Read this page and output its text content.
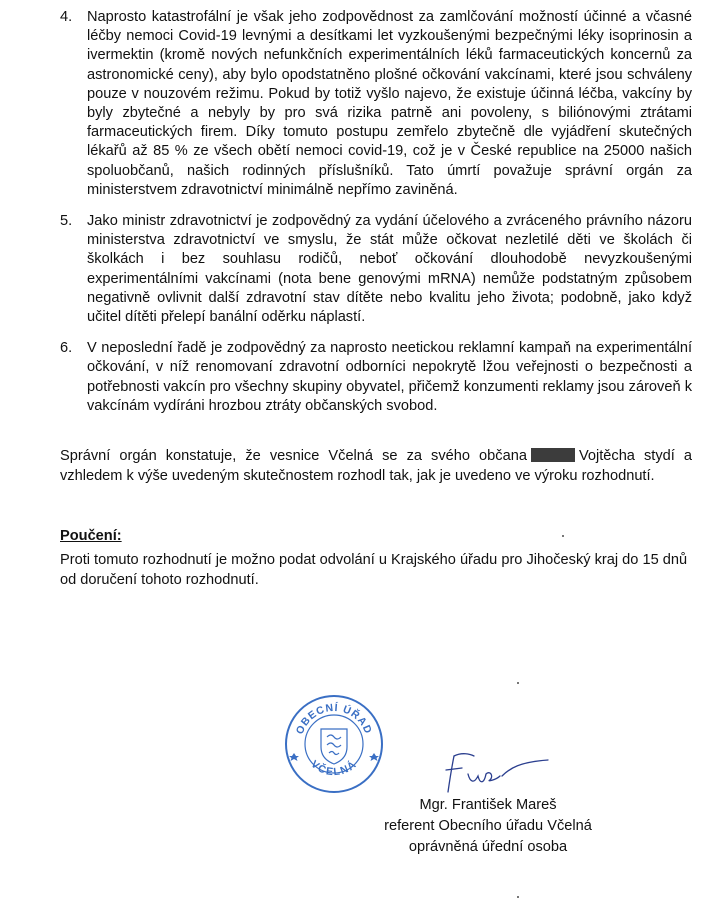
4.	Naprosto katastrofální je však jeho zodpovědnost za zamlčování možností účinné a včasné léčby nemoci Covid-19 levnými a desítkami let vyzkoušenými bezpečnými léky isoprinosin a ivermektin (kromě nových nefunkčních experimentálních léků farmaceutických koncernů za astronomické ceny), aby bylo opodstatněno plošné očkování vakcínami, které jsou schváleny pouze v nouzovém režimu. Pokud by totiž vyšlo najevo, že existuje účinná léčba, vakcíny by byly zbytečné a nebyly by pro svá rizika patrně ani povoleny, s biliónovými ztrátami farmaceutických firem. Díky tomuto postupu zemřelo zbytečně dle vyjádření skutečných lékařů až 85 % ze všech obětí nemoci covid-19, což je v České republice na 25000 našich spoluobčanů, našich rodinných příslušníků. Tato úmrtí považuje správní orgán za ministerstvem zdravotnictví minimálně nepřímo zaviněná.
5.	Jako ministr zdravotnictví je zodpovědný za vydání účelového a zvráceného právního názoru ministerstva zdravotnictví ve smyslu, že stát může očkovat nezletilé děti ve školách či školkách i bez souhlasu rodičů, neboť očkování dlouhodobě nevyzkoušenými experimentálními vakcínami (nota bene genovými mRNA) nemůže podstatným způsobem negativně ovlivnit další zdravotní stav dítěte nebo kvalitu jeho života; podobně, jako když učitel dítěti přelepí banální oděrku náplastí.
6.	V neposlední řadě je zodpovědný za naprosto neetickou reklamní kampaň na experimentální očkování, v níž renomovaní zdravotní odborníci nepokrytě lžou veřejnosti o bezpečnosti a potřebnosti vakcín pro všechny skupiny obyvatel, přičemž konzumenti reklamy jsou zároveň k vakcínám vydíráni hrozbou ztráty občanských svobod.

Správní orgán konstatuje, že vesnice Včelná se za svého občana	Vojtěcha stydí a vzhledem k výše uvedeným skutečnostem rozhodl tak, jak je uvedeno ve výroku rozhodnutí.

Poučení:

Proti tomuto rozhodnutí je možno podat odvolání u Krajského úřadu pro Jihočeský kraj do 15 dnů od doručení tohoto rozhodnutí.

OBECNÍ ÚŘAD
VČELNÁ
Mgr. František Mareš
referent Obecního úřadu Včelná
oprávněná úřední osoba
